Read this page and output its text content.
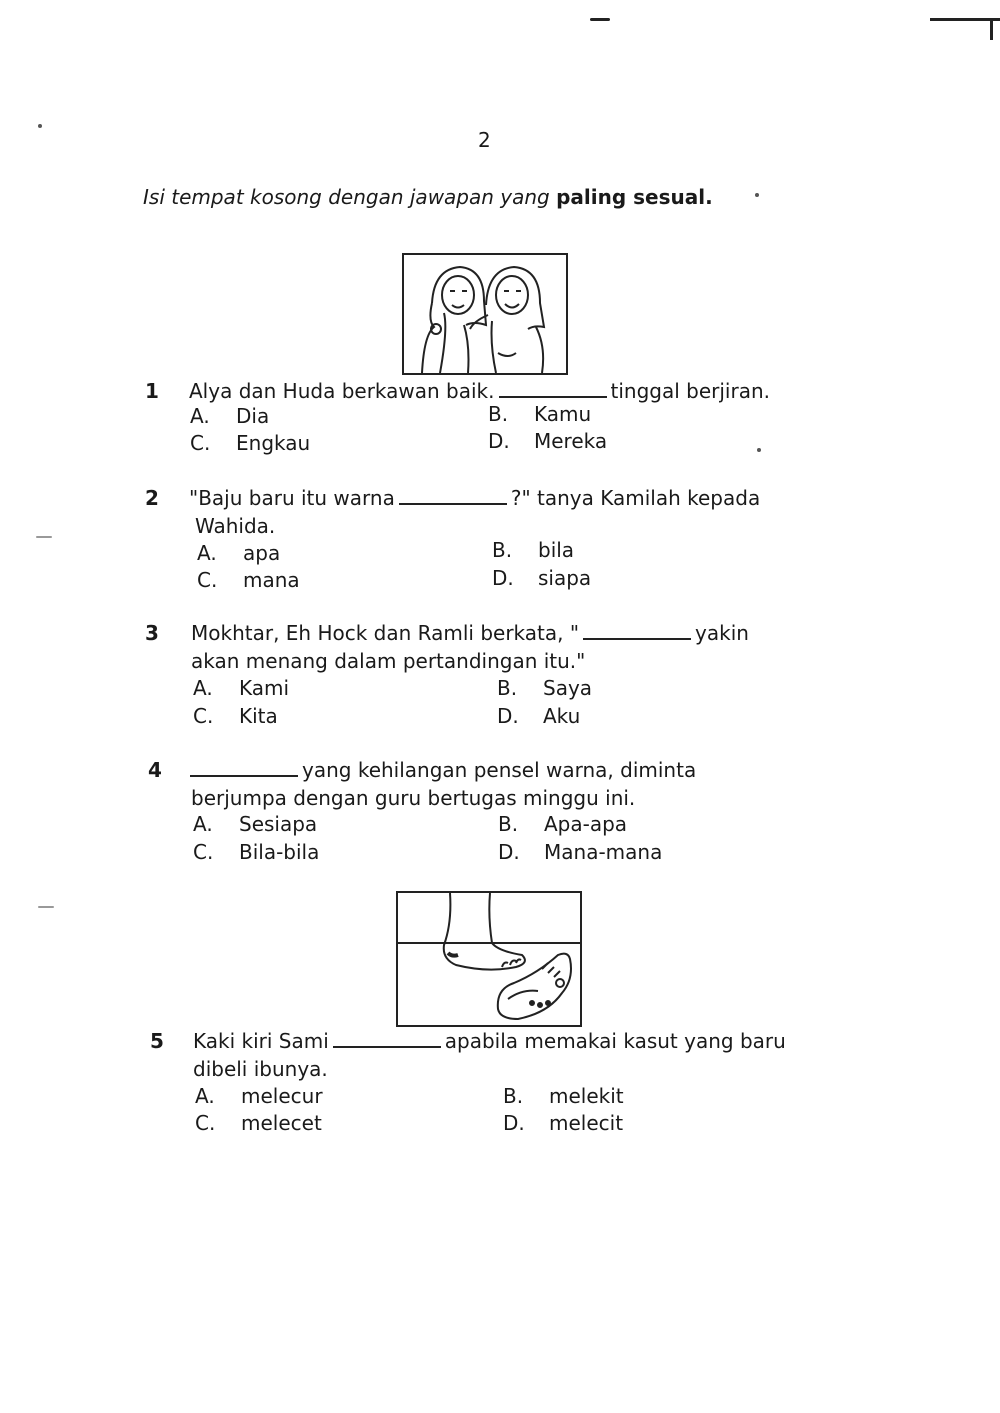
2
Isi tempat kosong dengan jawapan yang paling sesual.
1 Alya dan Huda berkawan baik.	tinggal berjiran.
A. Dia	B. Kamu
C. Engkau	D. Mereka
2 "Baju baru itu warna	?" tanya Kamilah kepada
Wahida.
A. apa	B. bila
C. mana	D. siapa
3 Mokhtar, Eh Hock dan Ramli berkata, "	yakin
akan menang dalam pertandingan itu."
A. Kami	B. Saya
C. Kita	D. Aku
4	yang kehilangan pensel warna, diminta
berjumpa dengan guru bertugas minggu ini.
A. Sesiapa	B. Apa-apa
C. Bila-bila	D. Mana-mana
5 Kaki kiri Sami	apabila memakai kasut yang baru
dibeli ibunya.
A. melecur	B. melekit
C. melecet	D. melecit
